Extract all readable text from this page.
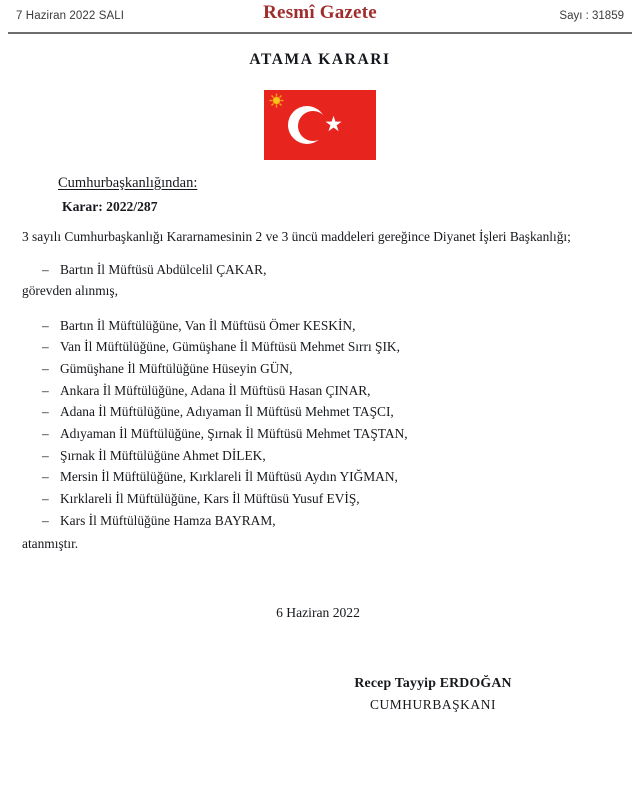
7 Haziran 2022 SALI	Resmî Gazete	Sayı : 31859
ATAMA KARARI
★
Cumhurbaşkanlığından:
Karar: 2022/287

3 sayılı Cumhurbaşkanlığı Kararnamesinin 2 ve 3 üncü maddeleri gereğince Diyanet İşleri Başkanlığı;

– Bartın İl Müftüsü Abdülcelil ÇAKAR,

görevden alınmış,

– Bartın İl Müftülüğüne, Van İl Müftüsü Ömer KESKİN,
– Van İl Müftülüğüne, Gümüşhane İl Müftüsü Mehmet Sırrı ŞIK,
– Gümüşhane İl Müftülüğüne Hüseyin GÜN,
– Ankara İl Müftülüğüne, Adana İl Müftüsü Hasan ÇINAR,
– Adana İl Müftülüğüne, Adıyaman İl Müftüsü Mehmet TAŞCI,
– Adıyaman İl Müftülüğüne, Şırnak İl Müftüsü Mehmet TAŞTAN,
– Şırnak İl Müftülüğüne Ahmet DİLEK,
– Mersin İl Müftülüğüne, Kırklareli İl Müftüsü Aydın YIĞMAN,
– Kırklareli İl Müftülüğüne, Kars İl Müftüsü Yusuf EVİŞ,
– Kars İl Müftülüğüne Hamza BAYRAM,

atanmıştır.

6 Haziran 2022
Recep Tayyip ERDOĞAN
CUMHURBAŞKANI
